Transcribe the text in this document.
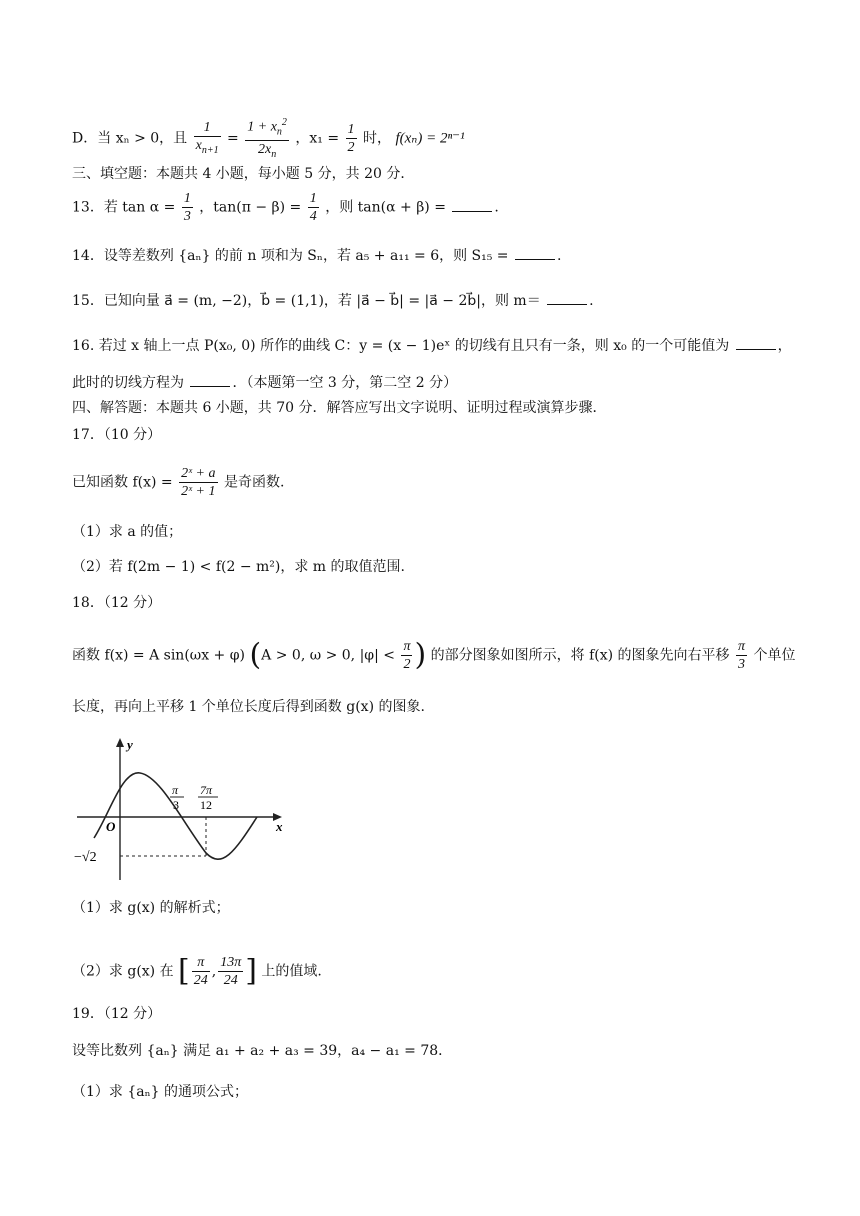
D．当 xₙ > 0，且 $\frac{1}{x_{n+1}} = \frac{1 + x_n^2}{2x_n}$ ，$x_1 = \frac{1}{2}$ 时， f(xₙ) = 2ⁿ⁻¹
三、填空题：本题共 4 小题，每小题 5 分，共 20 分．
13．若 $\tan \alpha = \frac{1}{3}$ ，$\tan(\pi - \beta) = \frac{1}{4}$ ，则 tan(α + β) =	.
14．设等差数列 {aₙ} 的前 n 项和为 Sₙ，若 a₅ + a₁₁ = 6，则 S₁₅ =	.
15．已知向量 a⃗ = (m, −2)，b⃗ = (1,1)，若 |a⃗ − b⃗| = |a⃗ − 2b⃗|，则 m＝	.
16. 若过 x 轴上一点 P(x₀, 0) 所作的曲线 C：y = (x − 1)eˣ 的切线有且只有一条，则 x₀ 的一个可能值为	，
此时的切线方程为	．（本题第一空 3 分，第二空 2 分）
四、解答题：本题共 6 小题，共 70 分．解答应写出文字说明、证明过程或演算步骤．
17．（10 分）
已知函数 $f(x) = \frac{\text{2ˣ + a}}{\text{2ˣ + 1}}$ 是奇函数.
（1）求 a 的值；
（2）若 f(2m − 1) < f(2 − m²)，求 m 的取值范围.
18．（12 分）
函数 f(x) = A sin(ωx + φ) (A > 0, ω > 0, $|\varphi| < \frac{\pi}{2}$ ) 的部分图象如图所示，将 f(x) 的图象先向右平移 $\frac{\pi}{3}$ 个单位
长度，再向上平移 1 个单位长度后得到函数 g(x) 的图象.
y
x
O
π
3
7π
12
−√2
（1）求 g(x) 的解析式；
（2）求 g(x) 在 [ $\frac{\pi}{24}$ , $\frac{13\pi}{24}$ ] 上的值域.
19．（12 分）
设等比数列 {aₙ} 满足 a₁ + a₂ + a₃ = 39，a₄ − a₁ = 78．
（1）求 {aₙ} 的通项公式；
